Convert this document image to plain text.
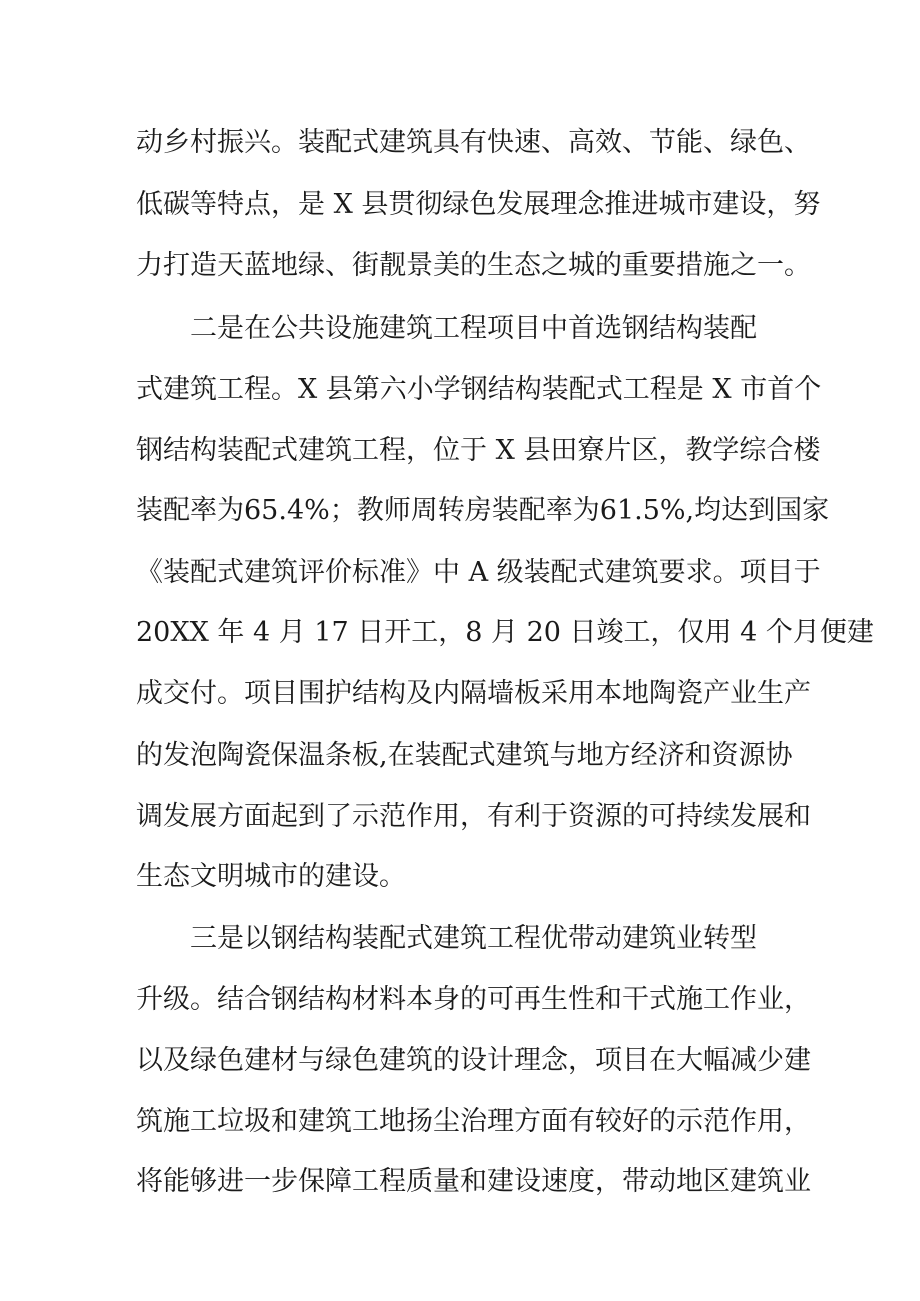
动乡村振兴。装配式建筑具有快速、高效、节能、绿色、
低碳等特点，是 X 县贯彻绿色发展理念推进城市建设，努
力打造天蓝地绿、街靓景美的生态之城的重要措施之一。
二是在公共设施建筑工程项目中首选钢结构装配
式建筑工程。X 县第六小学钢结构装配式工程是 X 市首个
钢结构装配式建筑工程，位于 X 县田寮片区，教学综合楼
装配率为65.4%；教师周转房装配率为61.5%,均达到国家
《装配式建筑评价标准》中 A 级装配式建筑要求。项目于
20XX 年 4 月 17 日开工，8 月 20 日竣工，仅用 4 个月便建
成交付。项目围护结构及内隔墙板采用本地陶瓷产业生产
的发泡陶瓷保温条板,在装配式建筑与地方经济和资源协
调发展方面起到了示范作用，有利于资源的可持续发展和
生态文明城市的建设。
三是以钢结构装配式建筑工程优带动建筑业转型
升级。结合钢结构材料本身的可再生性和干式施工作业，
以及绿色建材与绿色建筑的设计理念，项目在大幅减少建
筑施工垃圾和建筑工地扬尘治理方面有较好的示范作用，
将能够进一步保障工程质量和建设速度，带动地区建筑业
